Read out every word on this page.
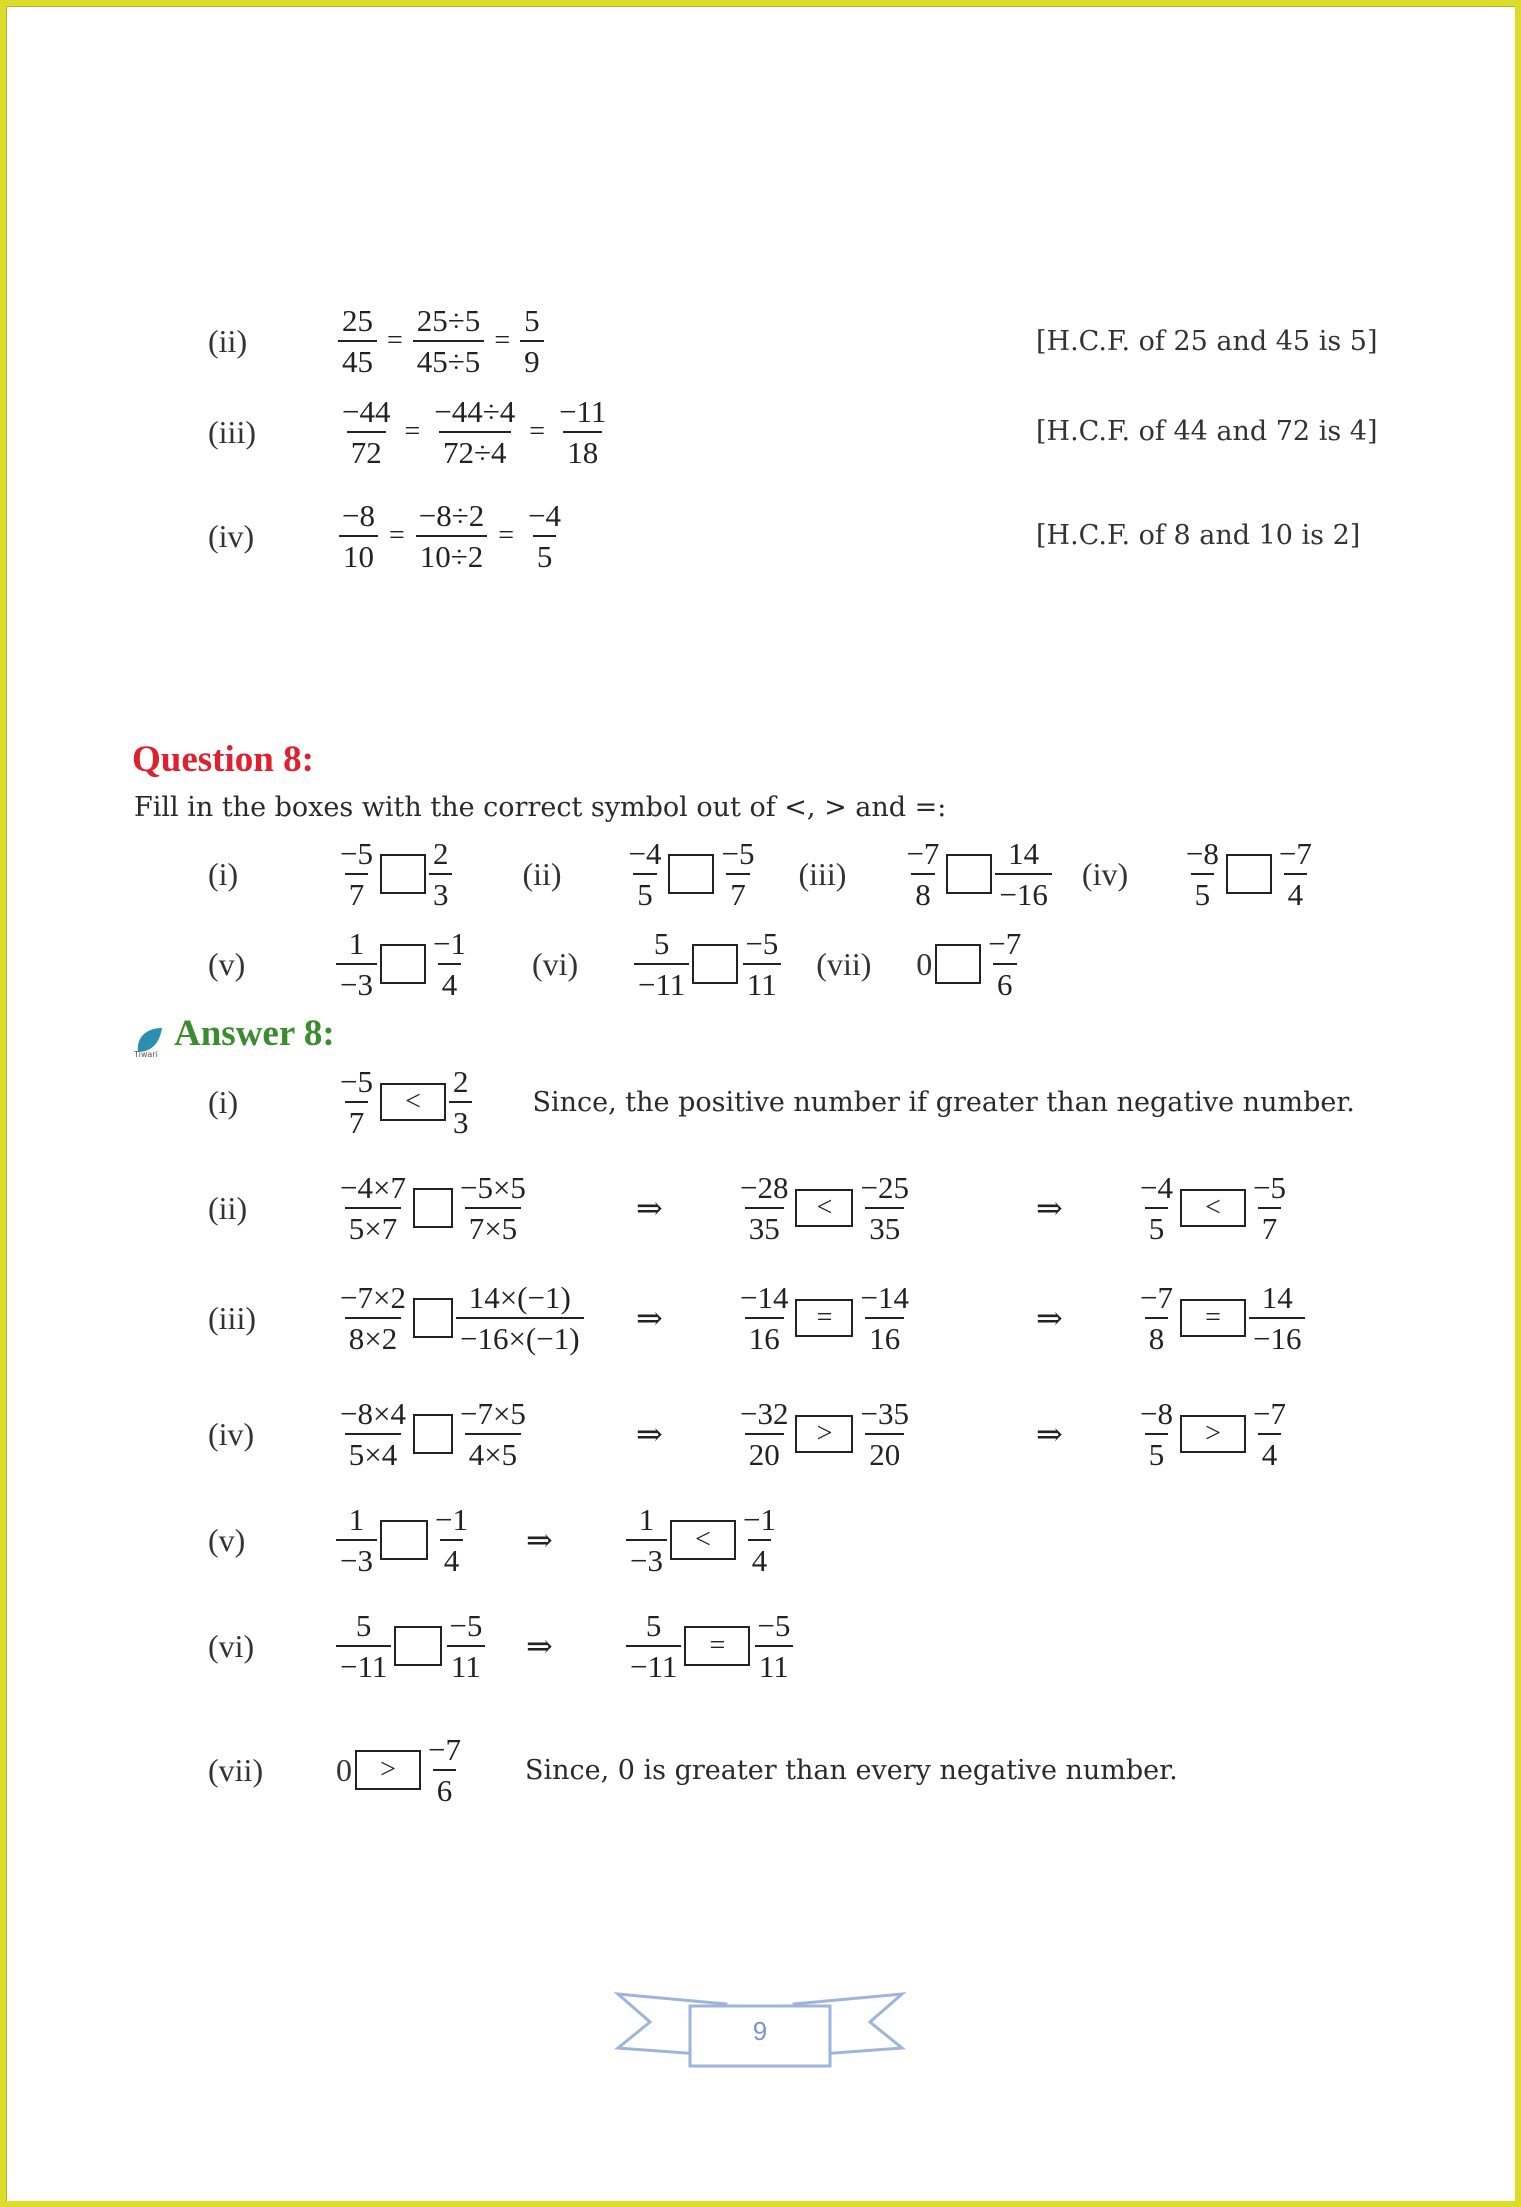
(ii)	$\frac{25}{45} = \frac{25\div 5}{45\div 5} = \frac{5}{9}$	[H.C.F. of 25 and 45 is 5]
(iii)	$\frac{-44}{72} = \frac{-44\div 4}{72\div 4} = \frac{-11}{18}$	[H.C.F. of 44 and 72 is 4]
(iv)	$\frac{-8}{10} = \frac{-8\div 2}{10\div 2} = \frac{-4}{5}$	[H.C.F. of 8 and 10 is 2]
Question 8:
Fill in the boxes with the correct symbol out of <, > and =:
(i)	$\frac{-5}{7} \frac{2}{3} (ii)$	$\frac{-4}{5} \frac{-5}{7} (iii)$	$\frac{-7}{8} \frac{14}{-16} (iv)$	$\frac{-8}{5} \frac{-7}{4}$
(v)	$\frac{1}{-3} \frac{-1}{4} (vi)$	$\frac{5}{-11} \frac{-5}{11} (vii)$	$0 \frac{-7}{6}$
Tiwari
Answer 8:
(i)	$\frac{-5}{7}$	< $\frac{2}{3}$ Since, the positive number if greater than negative number.
(ii)	$\frac{-4\times 7}{5\times 7} \frac{-5\times 5}{7\times 5}$	⇒	$\frac{-28}{35} < \frac{-25}{35}$	⇒	$\frac{-4}{5}$	< $\frac{-5}{7}$
(iii)	$\frac{-7\times 2}{8\times 2} \frac{14\times(-1)}{-16\times(-1)}$ ⇒	$\frac{-14}{16} = \frac{-14}{16}$	⇒	$\frac{-7}{8}$	= $\frac{14}{-16}$
(iv)	$\frac{-8\times 4}{5\times 4} \frac{-7\times 5}{4\times 5}$	⇒	$\frac{-32}{20} > \frac{-35}{20}$	⇒	$\frac{-8}{5}$	> $\frac{-7}{4}$
(v)	$\frac{1}{-3} \frac{-1}{4}$ ⇒	$\frac{1}{-3}$	< $\frac{-1}{4}$
(vi)	$\frac{5}{-11} \frac{-5}{11}$ ⇒	$\frac{5}{-11}$	= $\frac{-5}{11}$
(vii)	0	> $\frac{-7}{6}$ Since, 0 is greater than every negative number.
9
